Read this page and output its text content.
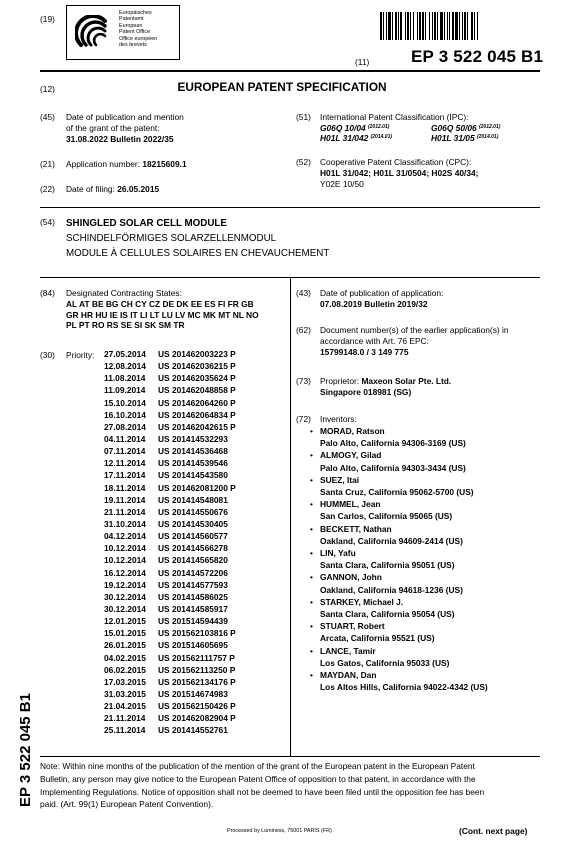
(19)
Europäisches
Patentamt
European
Patent Office
Office européen
des brevets
(11) EP 3 522 045 B1
(12)	EUROPEAN PATENT SPECIFICATION
(45) Date of publication and mention
of the grant of the patent:
31.08.2022 Bulletin 2022/35
(21) Application number: 18215609.1
(22) Date of filing: 26.05.2015
(51) International Patent Classification (IPC):
G06Q 10/04 $^{(2012.01)}$	G06Q 50/06 $^{(2012.01)}$
H01L 31/042 $^{(2014.01)}$	H01L 31/05 $^{(2014.01)}$
(52) Cooperative Patent Classification (CPC):
H01L 31/042; H01L 31/0504; H02S 40/34;
Y02E 10/50
(54) SHINGLED SOLAR CELL MODULE
SCHINDELFÖRMIGES SOLARZELLENMODUL
MODULE À CELLULES SOLAIRES EN CHEVAUCHEMENT
(84) Designated Contracting States:
AL AT BE BG CH CY CZ DE DK EE ES FI FR GB
GR HR HU IE IS IT LI LT LU LV MC MK MT NL NO
PL PT RO RS SE SI SK SM TR
(30) Priority: 27.05.2014	US 201462003223 P
12.08.2014	US 201462036215 P
11.08.2014	US 201462035624 P
11.09.2014	US 201462048858 P
15.10.2014	US 201462064260 P
16.10.2014	US 201462064834 P
27.08.2014	US 201462042615 P
04.11.2014	US 201414532293
07.11.2014	US 201414536468
12.11.2014	US 201414539546
17.11.2014	US 201414543580
18.11.2014	US 201462081200 P
19.11.2014	US 201414548081
21.11.2014	US 201414550676
31.10.2014	US 201414530405
04.12.2014	US 201414560577
10.12.2014	US 201414566278
10.12.2014	US 201414565820
16.12.2014	US 201414572206
19.12.2014	US 201414577593
30.12.2014	US 201414586025
30.12.2014	US 201414585917
12.01.2015	US 201514594439
15.01.2015	US 201562103816 P
26.01.2015	US 201514605695
04.02.2015	US 201562111757 P
06.02.2015	US 201562113250 P
17.03.2015	US 201562134176 P
31.03.2015	US 201514674983
21.04.2015	US 201562150426 P
21.11.2014	US 201462082904 P
25.11.2014	US 201414552761
(43) Date of publication of application:
07.08.2019 Bulletin 2019/32
(62) Document number(s) of the earlier application(s) in
accordance with Art. 76 EPC:
15799148.0 / 3 149 775
(73) Proprietor: Maxeon Solar Pte. Ltd.
Singapore 018981 (SG)
(72) Inventors:
• MORAD, Ratson
Palo Alto, California 94306-3169 (US)
• ALMOGY, Gilad
Palo Alto, California 94303-3434 (US)
• SUEZ, Itai
Santa Cruz, California 95062-5700 (US)
• HUMMEL, Jean
San Carlos, California 95065 (US)
• BECKETT, Nathan
Oakland, California 94609-2414 (US)
• LIN, Yafu
Santa Clara, California 95051 (US)
• GANNON, John
Oakland, California 94618-1236 (US)
• STARKEY, Michael J.
Santa Clara, California 95054 (US)
• STUART, Robert
Arcata, California 95521 (US)
• LANCE, Tamir
Los Gatos, California 95033 (US)
• MAYDAN, Dan
Los Altos Hills, California 94022-4342 (US)
Note: Within nine months of the publication of the mention of the grant of the European patent in the European Patent
Bulletin, any person may give notice to the European Patent Office of opposition to that patent, in accordance with the
Implementing Regulations. Notice of opposition shall not be deemed to have been filed until the opposition fee has been
paid. (Art. 99(1) European Patent Convention).
Processed by Luminess, 75001 PARIS (FR)	(Cont. next page)
EP 3 522 045 B1
